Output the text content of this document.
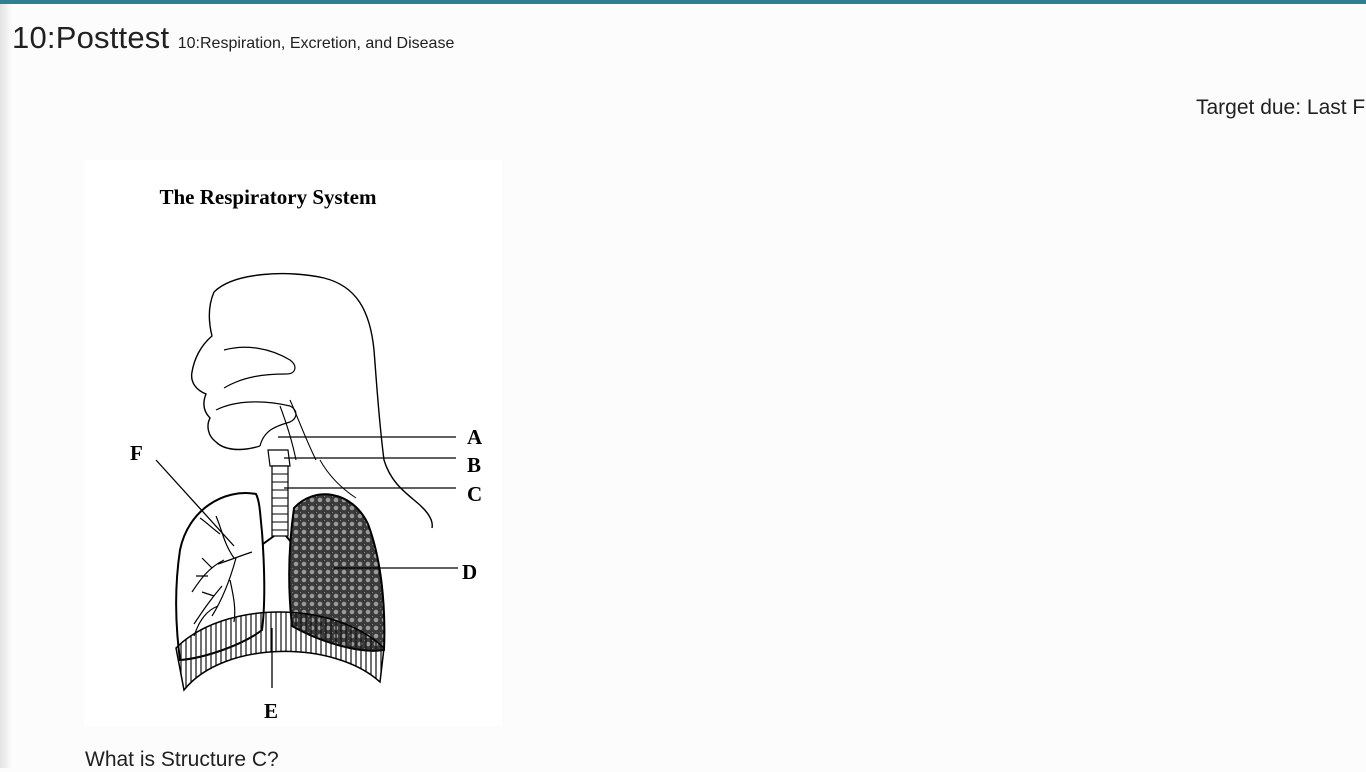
10:Posttest 10:Respiration, Excretion, and Disease
Target due: Last F
The Respiratory System
A
B
C
D
E
F
What is Structure C?
